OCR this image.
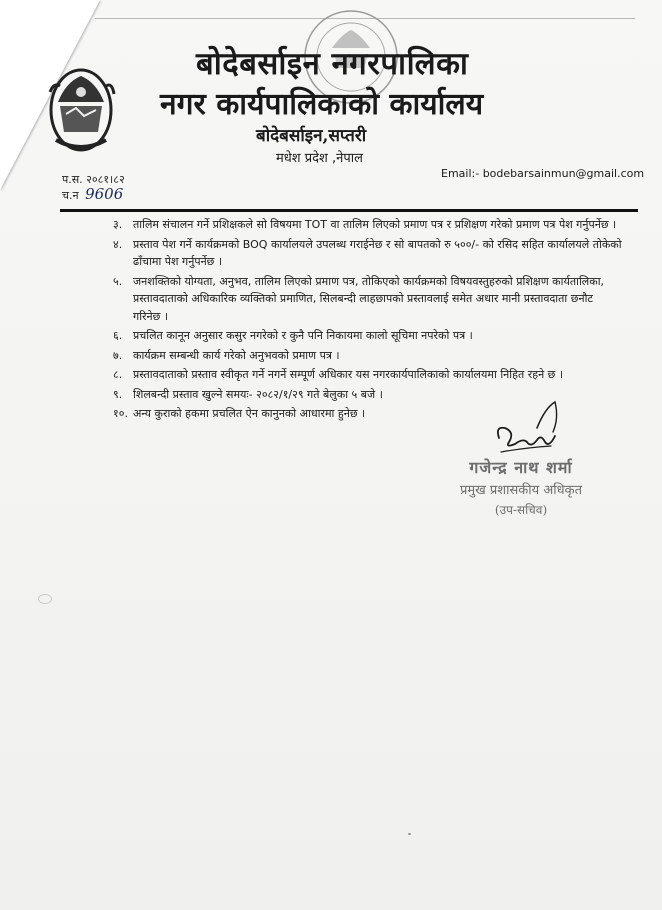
बोदेबर्साइन नगरपालिका
नगर कार्यपालिकाको कार्यालय
बोदेबर्साइन,सप्तरी
मधेश प्रदेश ,नेपाल
Email:- bodebarsainmun@gmail.com
प.स. २०८१।८२
च.न 9606
३. तालिम संचालन गर्ने प्रशिक्षकले सो विषयमा TOT वा तालिम लिएको प्रमाण पत्र र प्रशिक्षण गरेको प्रमाण पत्र पेश गर्नुपर्नेछ ।
४. प्रस्ताव पेश गर्ने कार्यक्रमको BOQ कार्यालयले उपलब्ध गराईनेछ र सो बापतको रु ५००/- को रसिद सहित कार्यालयले तोकेको ढाँचामा पेश गर्नुपर्नेछ ।
५. जनशक्तिको योग्यता, अनुभव, तालिम लिएको प्रमाण पत्र, तोकिएको कार्यक्रमको विषयवस्तुहरुको प्रशिक्षण कार्यतालिका, प्रस्तावदाताको अधिकारिक व्यक्तिको प्रमाणित, सिलबन्दी लाहछापको प्रस्तावलाई समेत अधार मानी प्रस्तावदाता छनौट गरिनेछ ।
६. प्रचलित कानून अनुसार कसुर नगरेको र कुनै पनि निकायमा कालो सूचिमा नपरेको पत्र ।
७. कार्यक्रम सम्बन्धी कार्य गरेको अनुभवको प्रमाण पत्र ।
८. प्रस्तावदाताको प्रस्ताव स्वीकृत गर्ने नगर्ने सम्पूर्ण अधिकार यस नगरकार्यपालिकाको कार्यालयमा निहित रहने छ ।
९. शिलबन्दी प्रस्ताव खुल्ने समयः- २०८२/१/२९ गते बेलुका ५ बजे ।
१०. अन्य कुराको हकमा प्रचलित ऐन कानुनको आधारमा हुनेछ ।
गजेन्द्र नाथ शर्मा
प्रमुख प्रशासकीय अधिकृत
(उप-सचिव)
